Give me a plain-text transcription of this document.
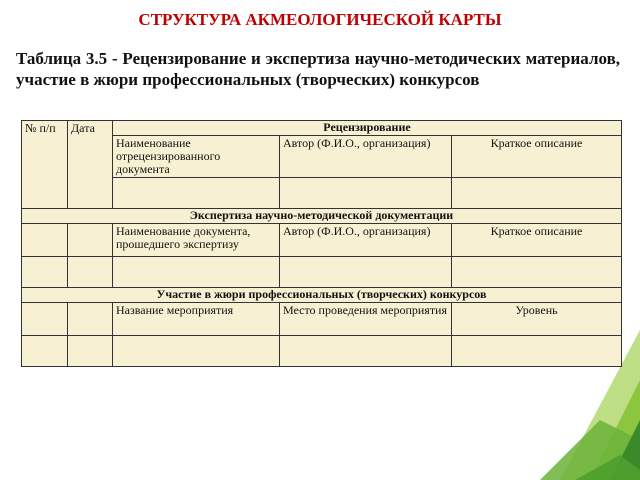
СТРУКТУРА АКМЕОЛОГИЧЕСКОЙ КАРТЫ
Таблица 3.5 - Рецензирование и экспертиза научно-методических материалов, участие в жюри профессиональных (творческих) конкурсов
№ п/п	Дата	Рецензирование		
		Наименование отрецензированного документа	Автор (Ф.И.О., организация)	Краткое описание

Экспертиза научно-методической документации				
		Наименование документа, прошедшего экспертизу	Автор (Ф.И.О., организация)	Краткое описание

Участие в жюри профессиональных (творческих) конкурсов				
		Название мероприятия	Место проведения мероприятия	Уровень
